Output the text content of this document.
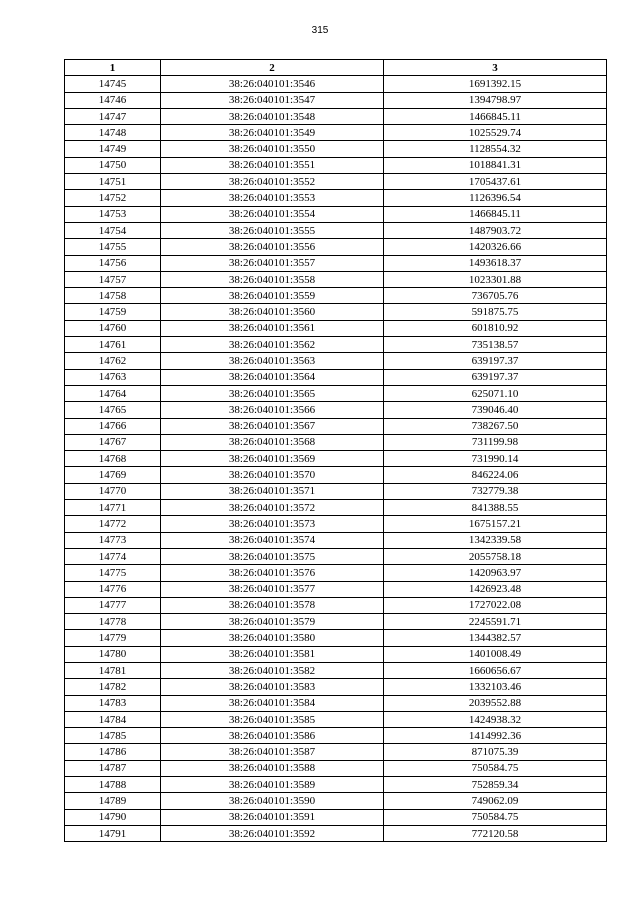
315
1	2	3
14745	38:26:040101:3546	1691392.15
14746	38:26:040101:3547	1394798.97
14747	38:26:040101:3548	1466845.11
14748	38:26:040101:3549	1025529.74
14749	38:26:040101:3550	1128554.32
14750	38:26:040101:3551	1018841.31
14751	38:26:040101:3552	1705437.61
14752	38:26:040101:3553	1126396.54
14753	38:26:040101:3554	1466845.11
14754	38:26:040101:3555	1487903.72
14755	38:26:040101:3556	1420326.66
14756	38:26:040101:3557	1493618.37
14757	38:26:040101:3558	1023301.88
14758	38:26:040101:3559	736705.76
14759	38:26:040101:3560	591875.75
14760	38:26:040101:3561	601810.92
14761	38:26:040101:3562	735138.57
14762	38:26:040101:3563	639197.37
14763	38:26:040101:3564	639197.37
14764	38:26:040101:3565	625071.10
14765	38:26:040101:3566	739046.40
14766	38:26:040101:3567	738267.50
14767	38:26:040101:3568	731199.98
14768	38:26:040101:3569	731990.14
14769	38:26:040101:3570	846224.06
14770	38:26:040101:3571	732779.38
14771	38:26:040101:3572	841388.55
14772	38:26:040101:3573	1675157.21
14773	38:26:040101:3574	1342339.58
14774	38:26:040101:3575	2055758.18
14775	38:26:040101:3576	1420963.97
14776	38:26:040101:3577	1426923.48
14777	38:26:040101:3578	1727022.08
14778	38:26:040101:3579	2245591.71
14779	38:26:040101:3580	1344382.57
14780	38:26:040101:3581	1401008.49
14781	38:26:040101:3582	1660656.67
14782	38:26:040101:3583	1332103.46
14783	38:26:040101:3584	2039552.88
14784	38:26:040101:3585	1424938.32
14785	38:26:040101:3586	1414992.36
14786	38:26:040101:3587	871075.39
14787	38:26:040101:3588	750584.75
14788	38:26:040101:3589	752859.34
14789	38:26:040101:3590	749062.09
14790	38:26:040101:3591	750584.75
14791	38:26:040101:3592	772120.58
